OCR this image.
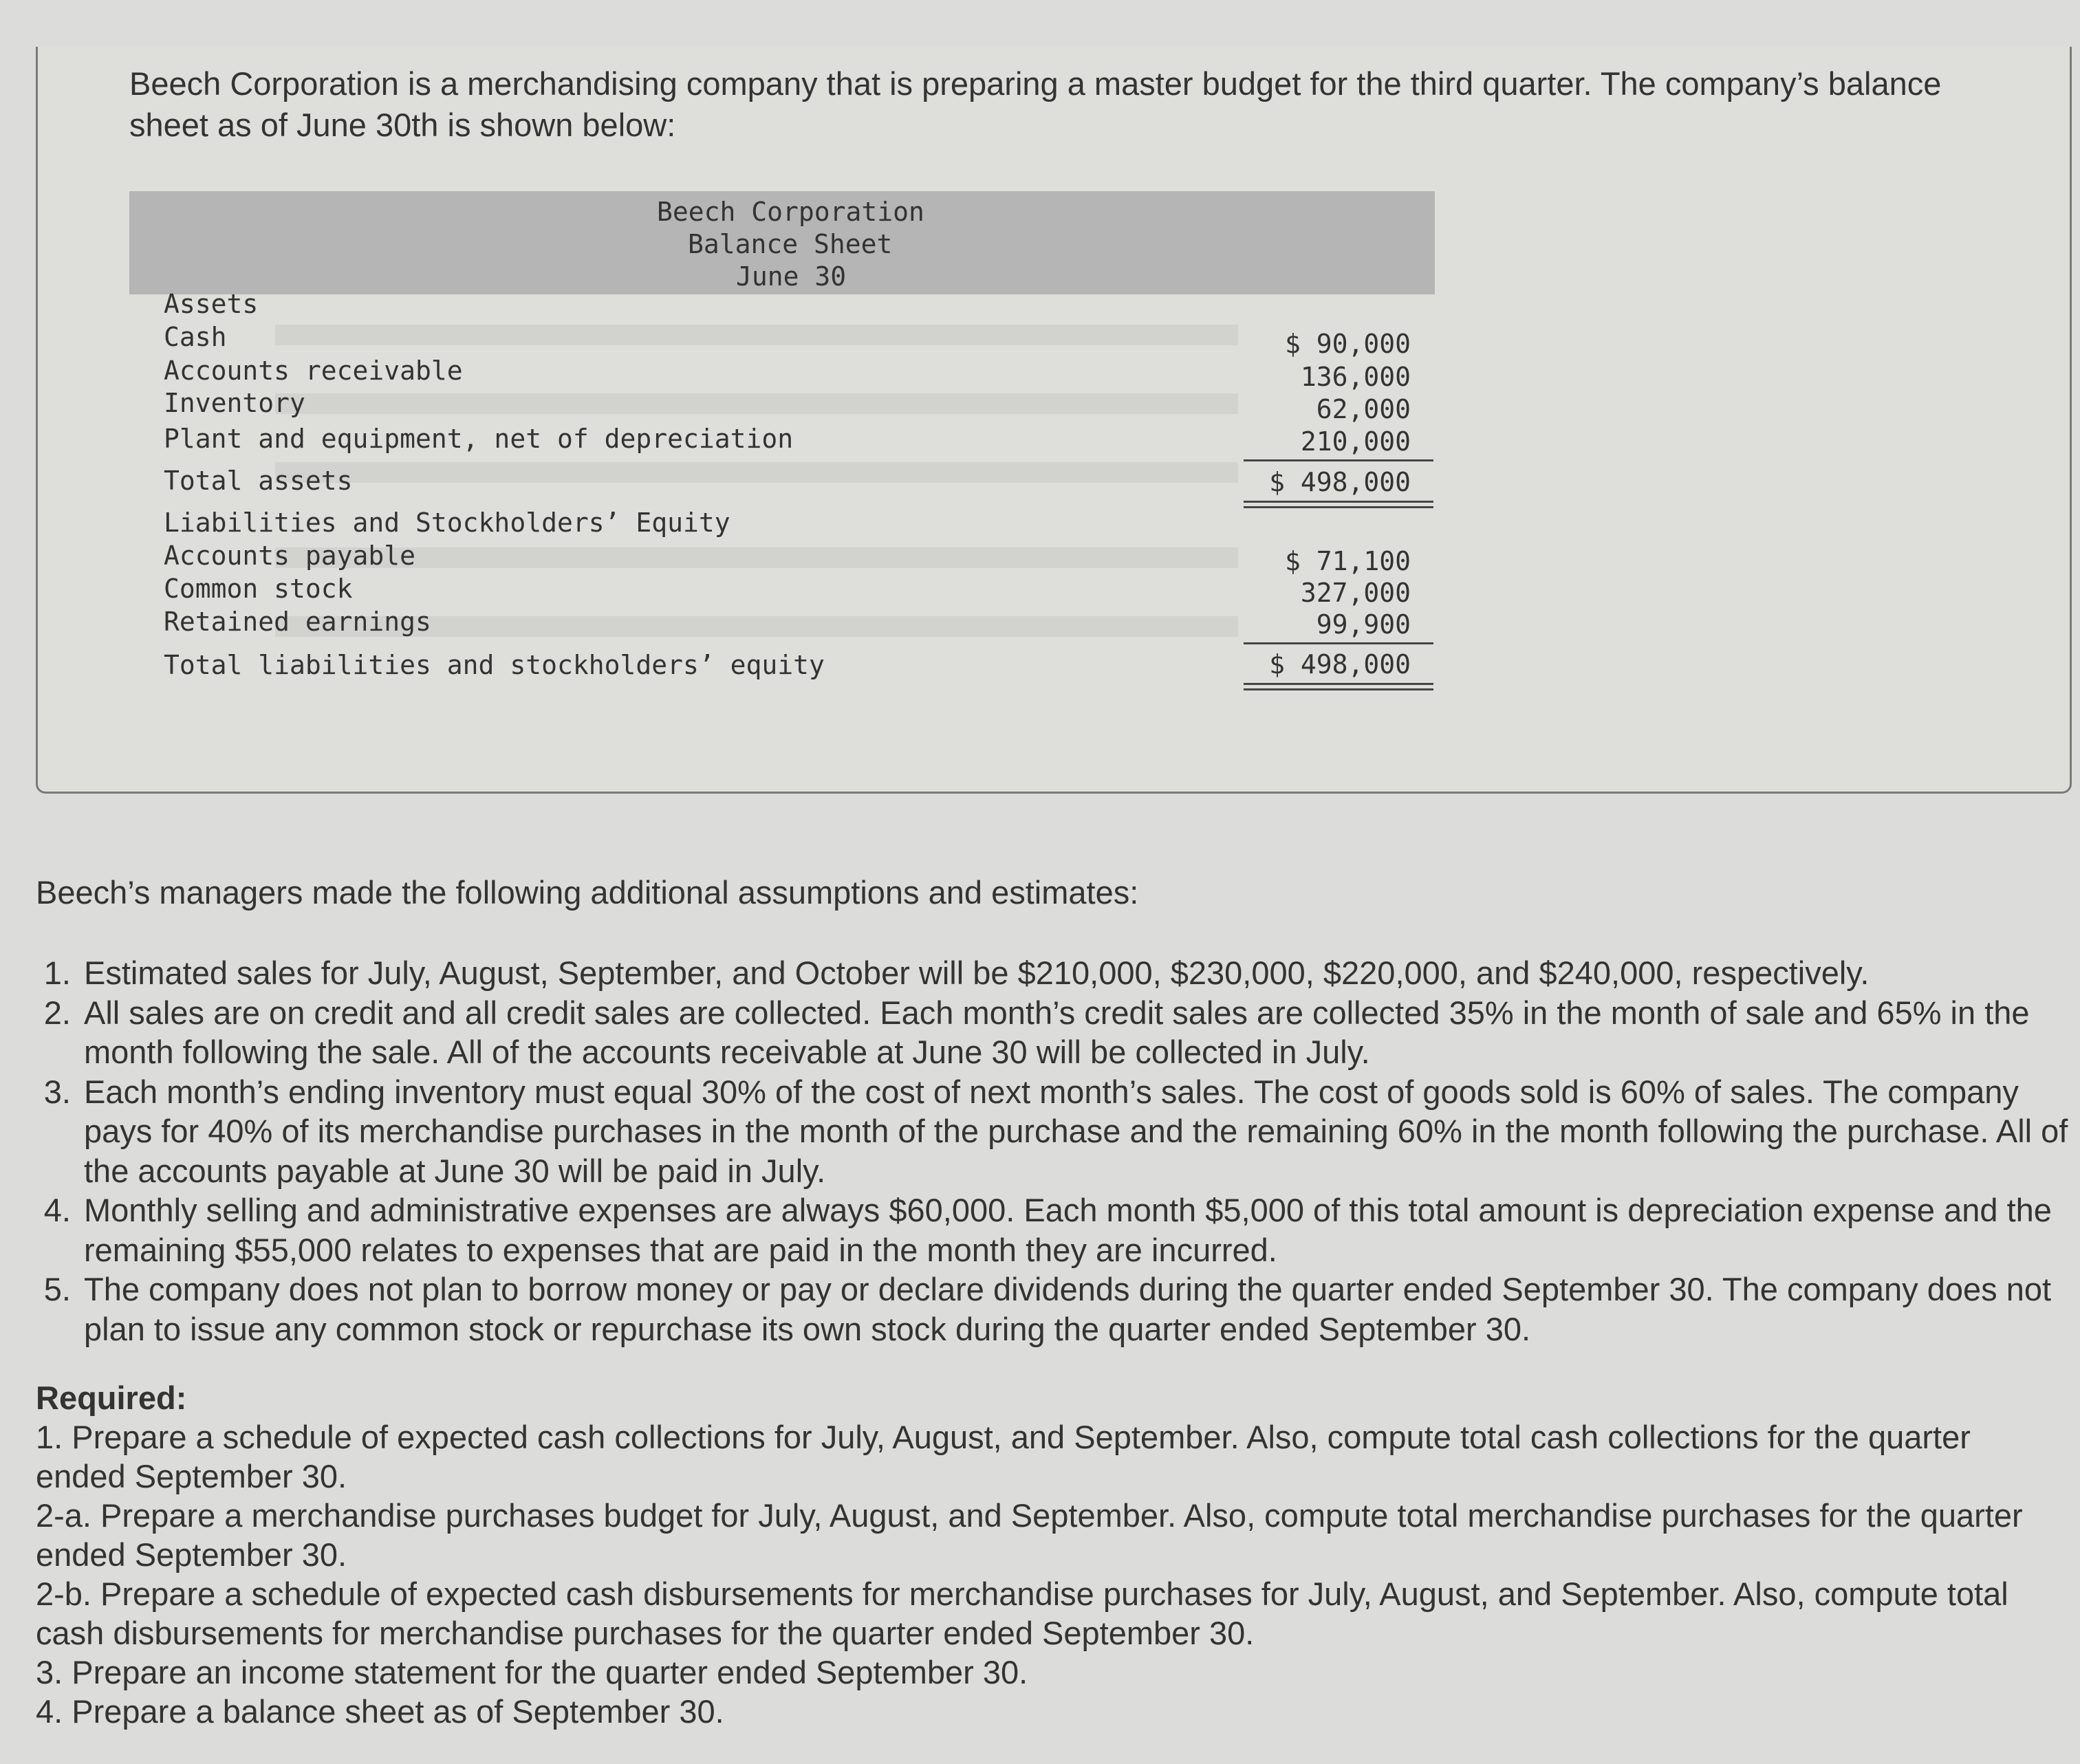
Beech Corporation is a merchandising company that is preparing a master budget for the third quarter. The company’s balance sheet as of June 30th is shown below:
Beech Corporation
Balance Sheet
June 30
Assets
Cash
Accounts receivable
Inventory
Plant and equipment, net of depreciation
Total assets
$ 90,000
136,000
62,000
210,000
$ 498,000
Liabilities and Stockholders’ Equity
Accounts payable
Common stock
Retained earnings
Total liabilities and stockholders’ equity
$ 71,100
327,000
99,900
$ 498,000
Beech’s managers made the following additional assumptions and estimates:
1. Estimated sales for July, August, September, and October will be $210,000, $230,000, $220,000, and $240,000, respectively.
2. All sales are on credit and all credit sales are collected. Each month’s credit sales are collected 35% in the month of sale and 65% in the month following the sale. All of the accounts receivable at June 30 will be collected in July.
3. Each month’s ending inventory must equal 30% of the cost of next month’s sales. The cost of goods sold is 60% of sales. The company pays for 40% of its merchandise purchases in the month of the purchase and the remaining 60% in the month following the purchase. All of the accounts payable at June 30 will be paid in July.
4. Monthly selling and administrative expenses are always $60,000. Each month $5,000 of this total amount is depreciation expense and the remaining $55,000 relates to expenses that are paid in the month they are incurred.
5. The company does not plan to borrow money or pay or declare dividends during the quarter ended September 30. The company does not plan to issue any common stock or repurchase its own stock during the quarter ended September 30.
Required:
1. Prepare a schedule of expected cash collections for July, August, and September. Also, compute total cash collections for the quarter ended September 30.
2-a. Prepare a merchandise purchases budget for July, August, and September. Also, compute total merchandise purchases for the quarter ended September 30.
2-b. Prepare a schedule of expected cash disbursements for merchandise purchases for July, August, and September. Also, compute total cash disbursements for merchandise purchases for the quarter ended September 30.
3. Prepare an income statement for the quarter ended September 30.
4. Prepare a balance sheet as of September 30.
